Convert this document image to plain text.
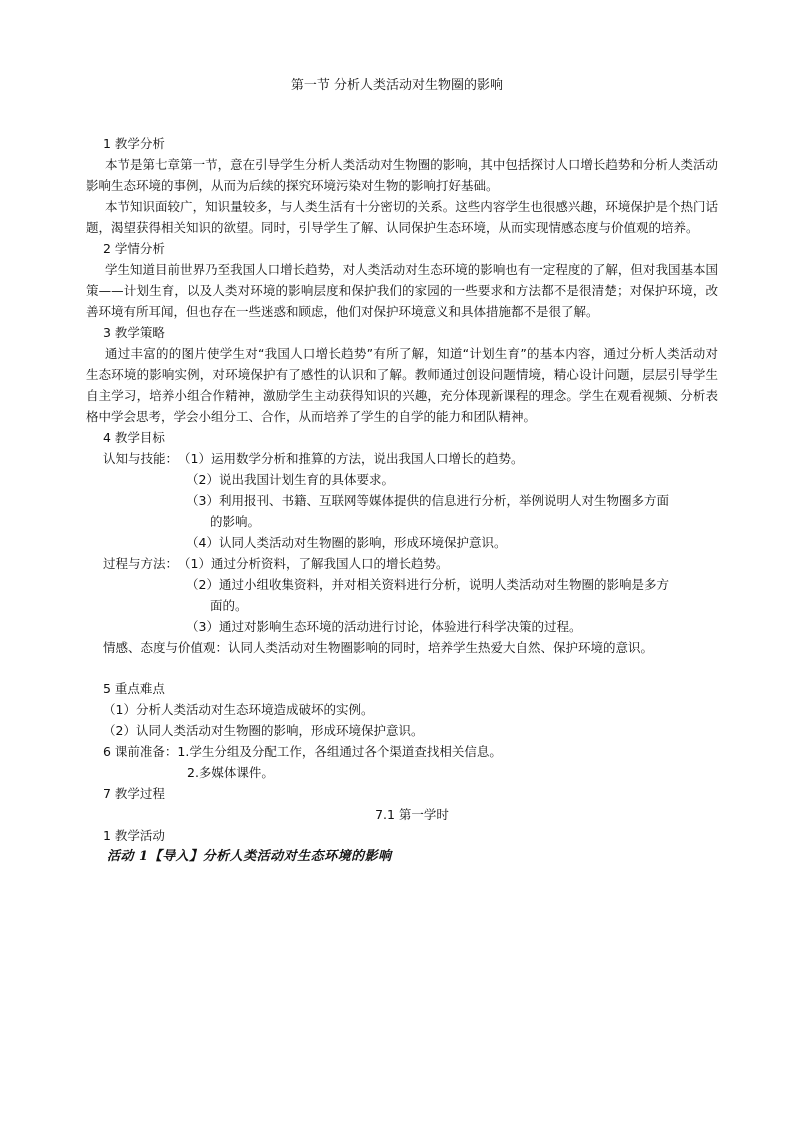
第一节 分析人类活动对生物圈的影响
1 教学分析
本节是第七章第一节，意在引导学生分析人类活动对生物圈的影响，其中包括探讨人口增长趋势和分析人类活动影响生态环境的事例，从而为后续的探究环境污染对生物的影响打好基础。
本节知识面较广，知识量较多，与人类生活有十分密切的关系。这些内容学生也很感兴趣，环境保护是个热门话题，渴望获得相关知识的欲望。同时，引导学生了解、认同保护生态环境，从而实现情感态度与价值观的培养。
2 学情分析
学生知道目前世界乃至我国人口增长趋势，对人类活动对生态环境的影响也有一定程度的了解，但对我国基本国策——计划生育，以及人类对环境的影响层度和保护我们的家园的一些要求和方法都不是很清楚；对保护环境，改善环境有所耳闻，但也存在一些迷惑和顾虑，他们对保护环境意义和具体措施都不是很了解。
3 教学策略
通过丰富的的图片使学生对“我国人口增长趋势”有所了解，知道“计划生育”的基本内容，通过分析人类活动对生态环境的影响实例，对环境保护有了感性的认识和了解。教师通过创设问题情境，精心设计问题，层层引导学生自主学习，培养小组合作精神，激励学生主动获得知识的兴趣，充分体现新课程的理念。学生在观看视频、分析表格中学会思考，学会小组分工、合作，从而培养了学生的自学的能力和团队精神。
4 教学目标
认知与技能：（1）运用数学分析和推算的方法，说出我国人口增长的趋势。
（2）说出我国计划生育的具体要求。
（3）利用报刊、书籍、互联网等媒体提供的信息进行分析，举例说明人对生物圈多方面
的影响。
（4）认同人类活动对生物圈的影响，形成环境保护意识。
过程与方法：（1）通过分析资料，了解我国人口的增长趋势。
（2）通过小组收集资料，并对相关资料进行分析，说明人类活动对生物圈的影响是多方
面的。
（3）通过对影响生态环境的活动进行讨论，体验进行科学决策的过程。
情感、态度与价值观：认同人类活动对生物圈影响的同时，培养学生热爱大自然、保护环境的意识。
5 重点难点
（1）分析人类活动对生态环境造成破坏的实例。
（2）认同人类活动对生物圈的影响，形成环境保护意识。
6 课前准备：1.学生分组及分配工作，各组通过各个渠道查找相关信息。
2.多媒体课件。
7 教学过程
7.1 第一学时
1 教学活动
活动 1【导入】分析人类活动对生态环境的影响
